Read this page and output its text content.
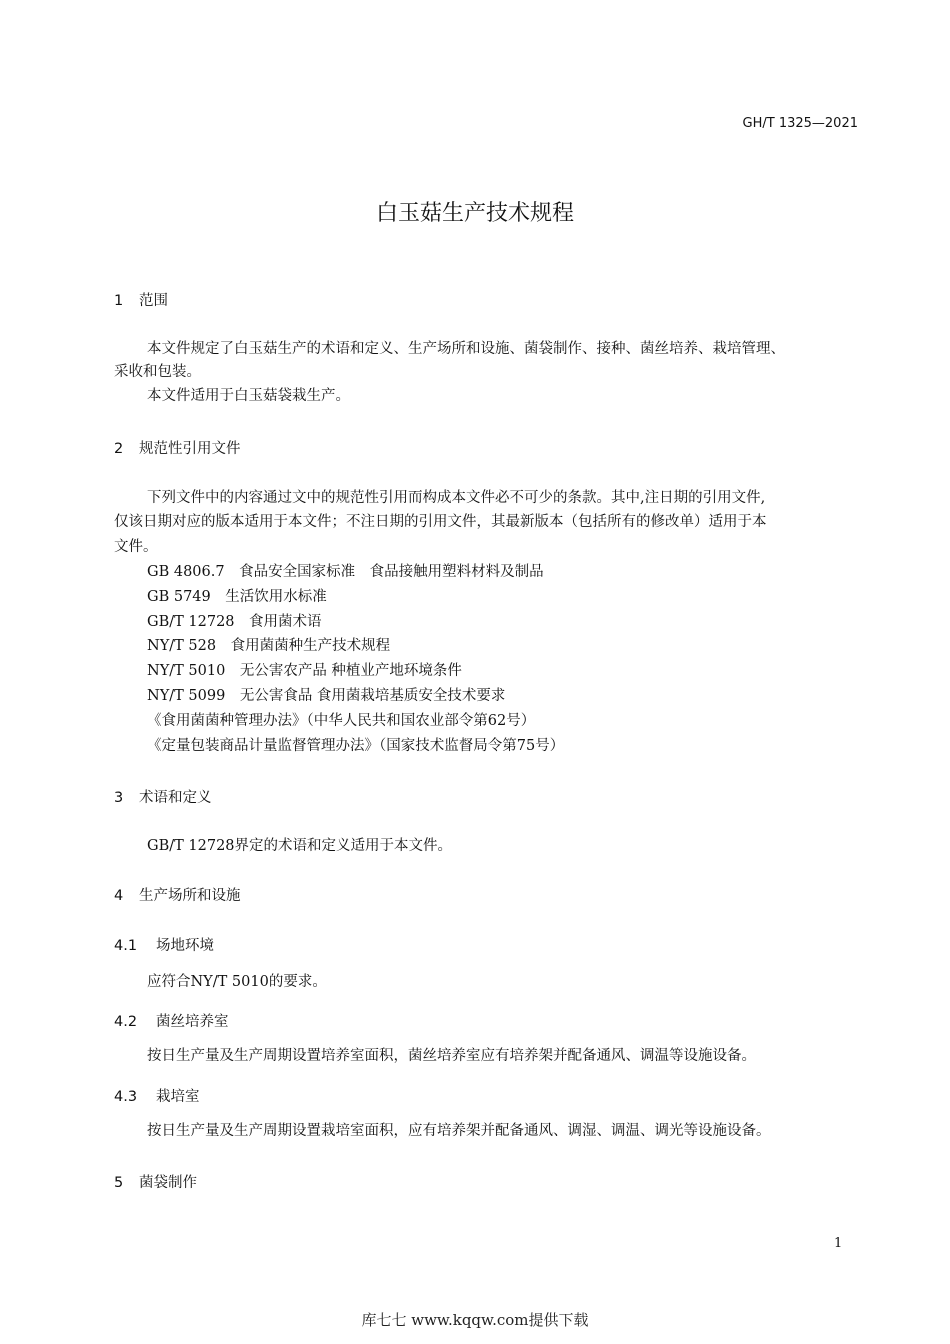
GH/T 1325—2021
白玉菇生产技术规程
1 范围
本文件规定了白玉菇生产的术语和定义、生产场所和设施、菌袋制作、接种、菌丝培养、栽培管理、
采收和包装。
本文件适用于白玉菇袋栽生产。
2 规范性引用文件
下列文件中的内容通过文中的规范性引用而构成本文件必不可少的条款。其中,注日期的引用文件,
仅该日期对应的版本适用于本文件；不注日期的引用文件，其最新版本（包括所有的修改单）适用于本
文件。
GB 4806.7　食品安全国家标准　食品接触用塑料材料及制品
GB 5749　生活饮用水标准
GB/T 12728　食用菌术语
NY/T 528　食用菌菌种生产技术规程
NY/T 5010　无公害农产品 种植业产地环境条件
NY/T 5099　无公害食品 食用菌栽培基质安全技术要求
《食用菌菌种管理办法》（中华人民共和国农业部令第62号）
《定量包装商品计量监督管理办法》（国家技术监督局令第75号）
3 术语和定义
GB/T 12728界定的术语和定义适用于本文件。
4 生产场所和设施
4.1 场地环境
应符合NY/T 5010的要求。
4.2 菌丝培养室
按日生产量及生产周期设置培养室面积，菌丝培养室应有培养架并配备通风、调温等设施设备。
4.3 栽培室
按日生产量及生产周期设置栽培室面积，应有培养架并配备通风、调湿、调温、调光等设施设备。
5 菌袋制作
1
库七七 www.kqqw.com提供下载
